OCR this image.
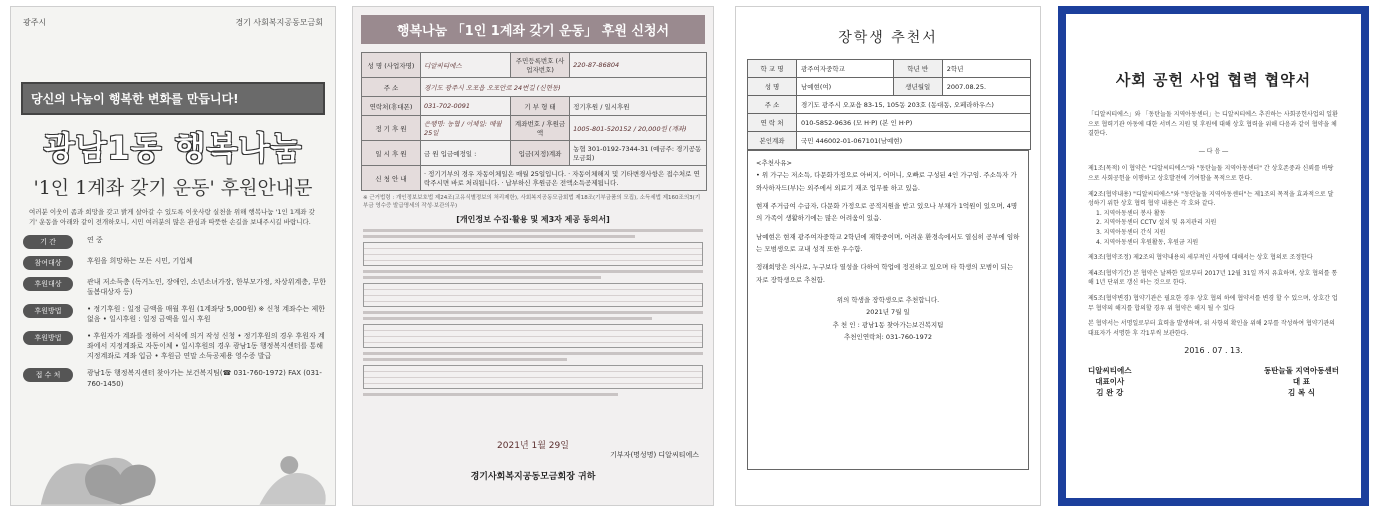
광주시	경기 사회복지공동모금회
당신의 나눔이 행복한 변화를 만듭니다!
광남1동 행복나눔
'1인 1계좌 갖기 운동' 후원안내문
여러분 이웃이 좀과 희망을 갖고 밝게 살아갈 수 있도록 이웃사랑 실천을 위해 행복나눔 '1인 1계좌 갖기' 운동을 아래와 같이 전개하오니, 시민 여러분의 많은 관심과 따뜻한 손길을 보내주시길 바랍니다.
기 간	연 중
참여대상	후원을 희망하는 모든 시민, 기업체
후원대상	관내 저소득층 (독거노인, 장애인, 소년소녀가장, 한부모가정, 차상위계층, 무한돌봄대상자 등)
후원방법	• 정기후원 : 일정 금액을 매월 후원 (1계좌당 5,000원) ※ 신청 계좌수는 제한없음 • 일시후원 : 일정 금액을 일시 후원
후원방법	• 후원자가 계좌를 정하여 서식에 의거 작성 신청 • 정기후원의 경우 후원자 계좌에서 지정계좌로 자동이체 • 일시후원의 경우 광남1동 행정복지센터를 통해 지정계좌로 계좌 입금 • 후원금 연말 소득공제용 영수증 발급
접 수 처	광남1동 행정복지센터 찾아가는 보건복지팀(☎ 031-760-1972) FAX (031-760-1450)
행복나눔 「1인 1계좌 갖기 운동」 후원 신청서
성 명 (사업자명)	디알씨티에스	주민등록번호 (사업자번호)	220-87-86804
주 소	경기도 광주시 오포읍 오포안로 24번길 (신현동)		
연락처(휴대폰)	031-702-0091	기 부 형 태	정기후원 / 일시후원
정 기 후 원	은행명: 농협 / 이체일: 매월 25일	계좌번호 / 후원금액	1005-801-520152 / 20,000원 (계좌)
일 시 후 원	금 원 입금예정일 :	입금(지정)계좌	농협 301-0192-7344-31 (예금주: 경기공동모금회)
신 청 안 내	· 정기기부의 경우 자동이체일은 매월 25일입니다. · 자동이체해지 및 기타변경사항은 접수처로 연락주시면 바로 처리됩니다. · 납부하신 후원금은 전액소득공제됩니다.		
※ 근거법령 : 개인정보보호법 제24조(고유식별정보의 처리제한), 사회복지공동모금회법 제18조(기부금품의 모집), 소득세법 제160조의3(기부금 영수증 발급명세의 작성·보관의무)
[개인정보 수집·활용 및 제3자 제공 동의서]
2021년 1월 29일
기부자(명성명) 디알씨티에스
경기사회복지공동모금회장 귀하
장학생 추천서
학 교 명	광주여자중학교	학년 반	2학년
성 명	남예현(여)	생년월일	2007.08.25.
주 소	경기도 광주시 오포읍 83-15, 105동 203호 (동대동, 오페라하우스)		
연 락 처	010-5852-9636 (모 H·P) (본 인 H·P)		
본인계좌	국민 446002-01-067101(남예현)		
<추천사유>
• 위 가구는 저소득, 다문화가정으로 아버지, 어머니, 오빠로 구성된 4인 가구임. 주소득자 가와사하자드(부)는 외주에서 외료기 재조 업무를 하고 있음.
현재 주거급여 수급자, 다문화 가정으로 공적지원을 받고 있으나 부채가 1억원이 있으며, 4명의 가족이 생활하기에는 많은 어려움이 있음.
남예현은 현재 광주여자중학교 2학년에 재학중이며, 어려운 환경속에서도 열심히 공부에 임하는 모범생으로 교내 성적 또한 우수함.
정래희망은 의사로, 누구보다 열성을 다하여 학업에 정진하고 있으며 타 학생의 모범이 되는 자로 장학생으로 추천함.
위의 학생을 장학생으로 추천합니다.
2021년 7월 일
추 천 인 : 광남1동 찾아가는보건복지팀
추천인연락처: 031-760-1972
사회 공헌 사업 협력 협약서
「디알씨티에스」와 「동탄늘돌 지역아동센터」는 디알씨티에스 추진하는 사회공헌사업의 일환으로 협력기관 아동에 대한 서비스 지원 및 후원에 대해 상호 협력을 위해 다음과 같이 협약을 체결한다.
― 다 음 ―
제1조(목적) 이 협약은 "디알씨티에스"와 "동탄늘돌 지역아동센터" 간 상호존중과 신뢰를 바탕으로 사회공헌을 이행하고 상호발전에 기여함을 목적으로 한다.
제2조(협약내용) "디알씨티에스"와 "동탄늘돌 지역아동센터"는 제1조의 목적을 효과적으로 달성하기 위한 상호 협력 협약 내용은 각 호와 같다.
1. 지역아동센터 봉사 활동
2. 지역아동센터 CCTV 설치 및 유지관리 지원
3. 지역아동센터 간식 지원
4. 지역아동센터 후원활동, 후원금 지원
제3조(협약조정) 제2조의 협약내용의 세부적인 사항에 대해서는 상호 협의로 조정한다
제4조(협약기간) 본 협약은 날짜한 일로부터 2017년 12월 31일 까지 유효하며, 상호 협의를 통해 1년 단위로 갱신 하는 것으로 한다.
제5조(협약변경) 협약기관은 필요한 경우 상호 협의 하에 협약서를 변경 할 수 있으며, 상호간 업무 협약의 해지를 합의할 경우 위 협약은 해지 될 수 있다
본 협약서는 서명일로부터 효력을 발생하며, 위 사항의 확인을 위해 2부를 작성하여 협약기관의 대표자가 서명한 후 각1부씩 보관한다.
2016 . 07 . 13.
디알씨티에스
대표이사
김 완 강
동탄늘돌 지역아동센터
대 표
김 복 식
